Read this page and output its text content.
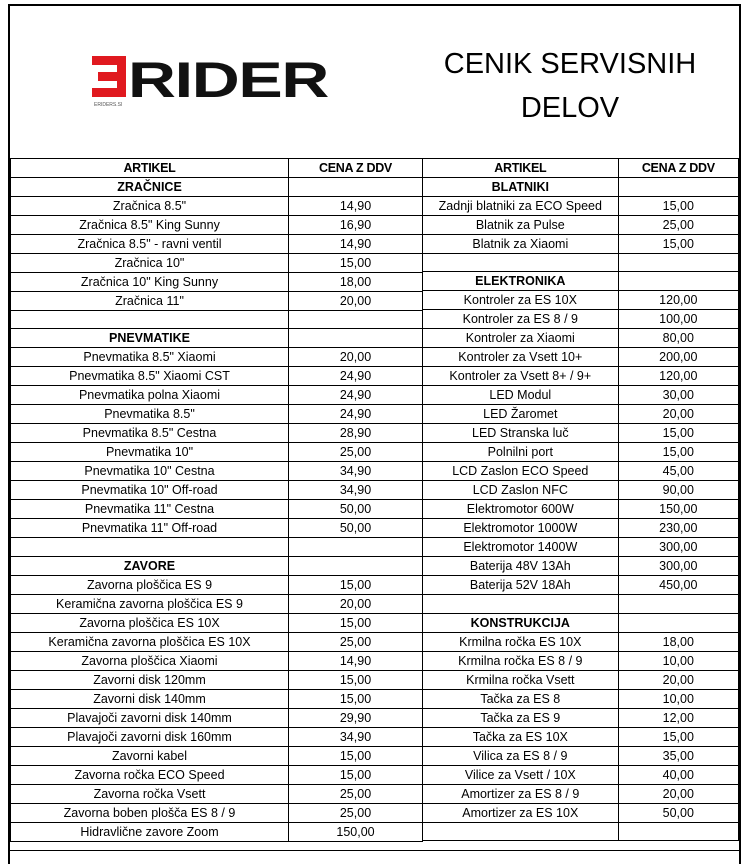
RIDER
ERIDERS.SI
CENIK SERVISNIH
DELOV
ARTIKEL	CENA Z DDV
ZRAČNICE	
Zračnica 8.5"	14,90
Zračnica 8.5" King Sunny	16,90
Zračnica 8.5" - ravni ventil	14,90
Zračnica 10"	15,00
Zračnica 10" King Sunny	18,00
Zračnica 11"	20,00

PNEVMATIKE	
Pnevmatika 8.5" Xiaomi	20,00
Pnevmatika 8.5" Xiaomi CST	24,90
Pnevmatika polna Xiaomi	24,90
Pnevmatika 8.5"	24,90
Pnevmatika 8.5" Cestna	28,90
Pnevmatika 10"	25,00
Pnevmatika 10" Cestna	34,90
Pnevmatika 10" Off-road	34,90
Pnevmatika 11" Cestna	50,00
Pnevmatika 11" Off-road	50,00

ZAVORE	
Zavorna ploščica ES 9	15,00
Keramična zavorna ploščica ES 9	20,00
Zavorna ploščica ES 10X	15,00
Keramična zavorna ploščica ES 10X	25,00
Zavorna ploščica Xiaomi	14,90
Zavorni disk 120mm	15,00
Zavorni disk 140mm	15,00
Plavajoči zavorni disk 140mm	29,90
Plavajoči zavorni disk 160mm	34,90
Zavorni kabel	15,00
Zavorna ročka ECO Speed	15,00
Zavorna ročka Vsett	25,00
Zavorna boben plošča ES 8 / 9	25,00
Hidravlične zavore Zoom	150,00
ARTIKEL	CENA Z DDV
BLATNIKI	
Zadnji blatniki za ECO Speed	15,00
Blatnik za Pulse	25,00
Blatnik za Xiaomi	15,00

ELEKTRONIKA	
Kontroler za ES 10X	120,00
Kontroler za ES 8 / 9	100,00
Kontroler za Xiaomi	80,00
Kontroler za Vsett 10+	200,00
Kontroler za Vsett 8+ / 9+	120,00
LED Modul	30,00
LED Žaromet	20,00
LED Stranska luč	15,00
Polnilni port	15,00
LCD Zaslon ECO Speed	45,00
LCD Zaslon NFC	90,00
Elektromotor 600W	150,00
Elektromotor 1000W	230,00
Elektromotor 1400W	300,00
Baterija 48V 13Ah	300,00
Baterija 52V 18Ah	450,00

KONSTRUKCIJA	
Krmilna ročka ES 10X	18,00
Krmilna ročka ES 8 / 9	10,00
Krmilna ročka Vsett	20,00
Tačka za ES 8	10,00
Tačka za ES 9	12,00
Tačka za ES 10X	15,00
Vilica za ES 8 / 9	35,00
Vilice za Vsett / 10X	40,00
Amortizer za ES 8 / 9	20,00
Amortizer za ES 10X	50,00
